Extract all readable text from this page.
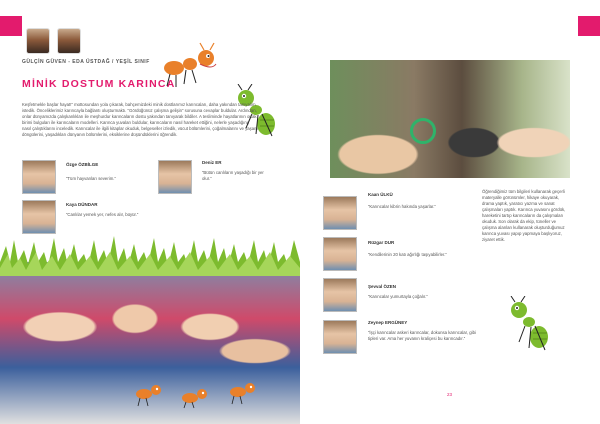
GÜLÇİN GÜVEN - EDA ÜSTDAĞ / YEŞİL SINIF
MİNİK DOSTUM KARINCA
Keşfetmekle başlar hayat!” mottosundan yola çıkarak, bahçemizdeki minik dostlarımız karıncaları, daha yakından tanıyalım istedik. Önceliklerimiz karıncayla bağlantı oluşturmaktı. “Gördüğünüz çalışma gelişin” sorusuna cevaplar buldular. Ardından, onlar dünyamızda çalışkanlıkları ile meşhurdur karıncaların dostu yakından tanıyarak bildiler. A tesliminde hayatlarının ortak birimi bulguları ile karıncaların modelleri. Karınca yuvaları buldular, karıncaların nasıl hareket ettiğini, nelerle yaşadığını, nasıl çalıştıklarını inceledik. Karıncalar ile ilgili kitaplar okuduk, belgeseller izledik, vücut bölümlerini, çoğalmalarını ve yaşam döngülerini, yaşadıkları dünyanın bölümlerini, eksiklerine düşündüklerini öğrendik.
Özge ÖZBİLGE
“Tüm hayvanları severim.”
Deniz ER
“Bütün canlıların yaşadığı bir yer olur.”
Kaya DÜNDAR
“Canlılar yemek yer, nefes alır, büyür.”
Kaan ÜLKÜ
“Karıncalar kibrin hakında yaşarlar.”
Rüzgar DUR
“Kendilerinin 20 katı ağırlığı taşıyabilirler.”
Şevval ÖZEN
“Karıncalar yumurtayla çoğalır.”
Zeynep ERGÜNEY
“İşçi karıncalar askeri karıncalar, dokunsa karıncalar, gibi tipleri var. Ama her yuvanın kraliçesi bu karıncadır.”
Öğrendiğimiz tüm bilgileri kullanarak geçerli materyalle görünümler, hikaye okuyarak, drama yaptık, yaratıcı yazma ve sanat çalışmaları yaptık. Karınca yuvasını gördük, hareketini tartıp karıncaların da çalışmaları okuduk. Son olarak da ekip, tüneller ve çalışma alanları kullanarak oluşturduğumuz karınca yuvası yapıp yapmaya başlıyoruz, ziyaret ettik.
23
